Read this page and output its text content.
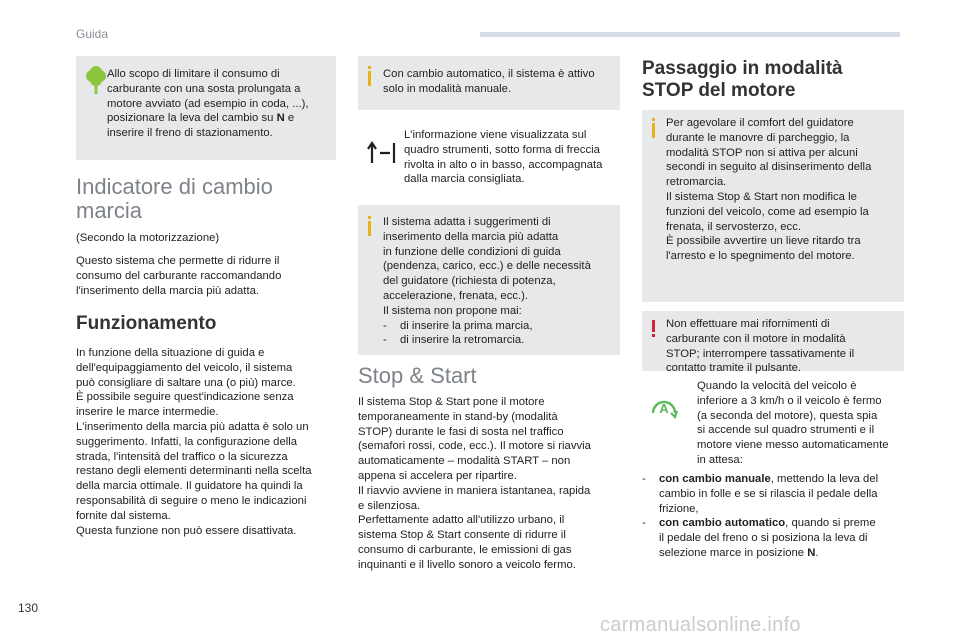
Guida
Allo scopo di limitare il consumo di
carburante con una sosta prolungata a
motore avviato (ad esempio in coda, ...),
posizionare la leva del cambio su N e
inserire il freno di stazionamento.
Indicatore di cambio
marcia
(Secondo la motorizzazione)
Questo sistema che permette di ridurre il
consumo del carburante raccomandando
l'inserimento della marcia più adatta.
Funzionamento
In funzione della situazione di guida e
dell'equipaggiamento del veicolo, il sistema
può consigliare di saltare una (o più) marce.
È possibile seguire quest'indicazione senza
inserire le marce intermedie.
L'inserimento della marcia più adatta è solo un
suggerimento. Infatti, la configurazione della
strada, l'intensità del traffico o la sicurezza
restano degli elementi determinanti nella scelta
della marcia ottimale. Il guidatore ha quindi la
responsabilità di seguire o meno le indicazioni
fornite dal sistema.
Questa funzione non può essere disattivata.
Con cambio automatico, il sistema è attivo
solo in modalità manuale.
L'informazione viene visualizzata sul
quadro strumenti, sotto forma di freccia
rivolta in alto o in basso, accompagnata
dalla marcia consigliata.
Il sistema adatta i suggerimenti di
inserimento della marcia più adatta
in funzione delle condizioni di guida
(pendenza, carico, ecc.) e delle necessità
del guidatore (richiesta di potenza,
accelerazione, frenata, ecc.).
Il sistema non propone mai:
- di inserire la prima marcia,
- di inserire la retromarcia.
Stop & Start
Il sistema Stop & Start pone il motore
temporaneamente in stand-by (modalità
STOP) durante le fasi di sosta nel traffico
(semafori rossi, code, ecc.). Il motore si riavvia
automaticamente – modalità START – non
appena si accelera per ripartire.
Il riavvio avviene in maniera istantanea, rapida
e silenziosa.
Perfettamente adatto all'utilizzo urbano, il
sistema Stop & Start consente di ridurre il
consumo di carburante, le emissioni di gas
inquinanti e il livello sonoro a veicolo fermo.
Passaggio in modalità
STOP del motore
Per agevolare il comfort del guidatore
durante le manovre di parcheggio, la
modalità STOP non si attiva per alcuni
secondi in seguito al disinserimento della
retromarcia.
Il sistema Stop & Start non modifica le
funzioni del veicolo, come ad esempio la
frenata, il servosterzo, ecc.
È possibile avvertire un lieve ritardo tra
l'arresto e lo spegnimento del motore.
Non effettuare mai rifornimenti di
carburante con il motore in modalità
STOP; interrompere tassativamente il
contatto tramite il pulsante.
A
Quando la velocità del veicolo è
inferiore a 3 km/h o il veicolo è fermo
(a seconda del motore), questa spia
si accende sul quadro strumenti e il
motore viene messo automaticamente
in attesa:
- con cambio manuale, mettendo la leva del
cambio in folle e se si rilascia il pedale della
frizione,
- con cambio automatico, quando si preme
il pedale del freno o si posiziona la leva di
selezione marce in posizione N.
130
carmanualsonline.info
